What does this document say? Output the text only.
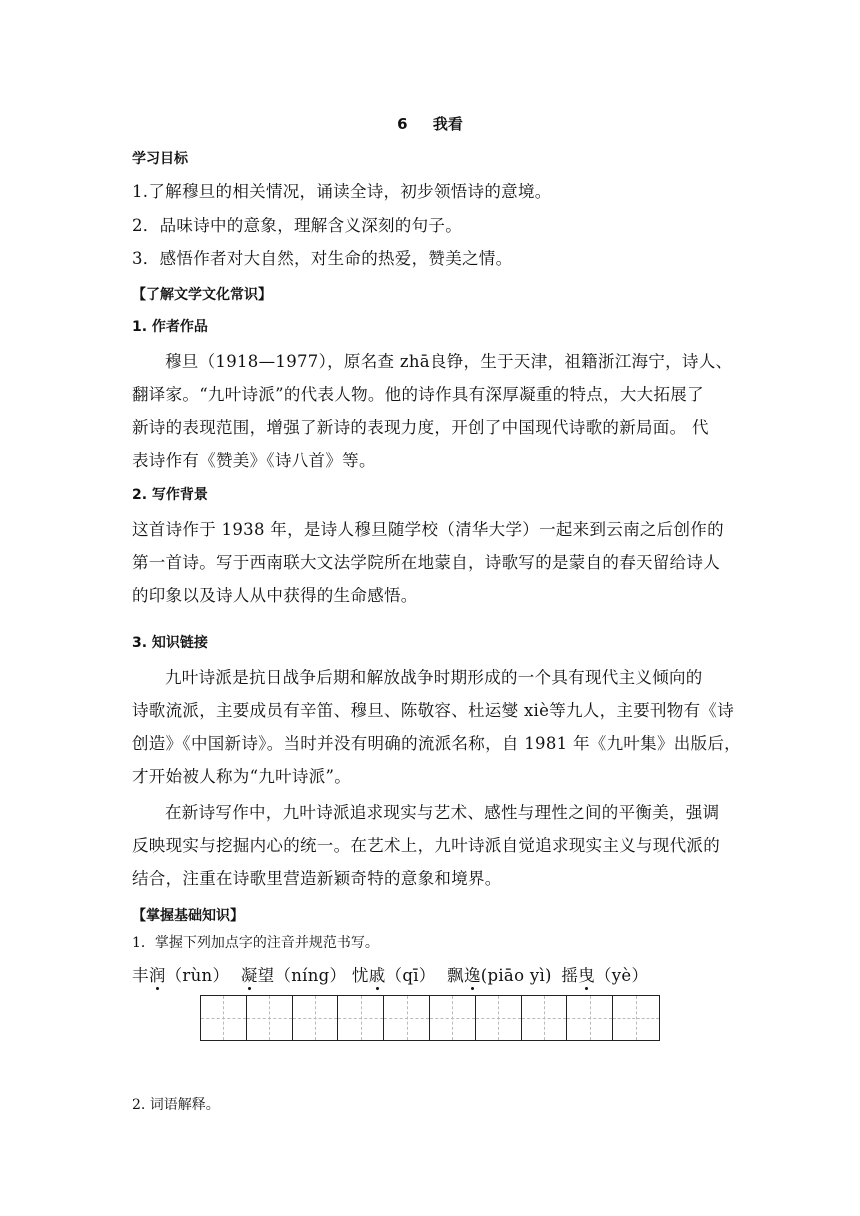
6 我看
学习目标
1.了解穆旦的相关情况，诵读全诗，初步领悟诗的意境。
2．品味诗中的意象，理解含义深刻的句子。
3．感悟作者对大自然，对生命的热爱，赞美之情。
【了解文学文化常识】
1. 作者作品
穆旦（1918—1977），原名查 zhā良铮，生于天津，祖籍浙江海宁，诗人、
翻译家。“九叶诗派”的代表人物。他的诗作具有深厚凝重的特点，大大拓展了
新诗的表现范围，增强了新诗的表现力度，开创了中国现代诗歌的新局面。 代
表诗作有《赞美》《诗八首》等。
2. 写作背景
这首诗作于 1938 年，是诗人穆旦随学校（清华大学）一起来到云南之后创作的
第一首诗。写于西南联大文法学院所在地蒙自，诗歌写的是蒙自的春天留给诗人
的印象以及诗人从中获得的生命感悟。
3. 知识链接
九叶诗派是抗日战争后期和解放战争时期形成的一个具有现代主义倾向的
诗歌流派，主要成员有辛笛、穆旦、陈敬容、杜运燮 xiè等九人，主要刊物有《诗
创造》《中国新诗》。当时并没有明确的流派名称，自 1981 年《九叶集》出版后，
才开始被人称为“九叶诗派”。
在新诗写作中，九叶诗派追求现实与艺术、感性与理性之间的平衡美，强调
反映现实与挖掘内心的统一。在艺术上，九叶诗派自觉追求现实主义与现代派的
结合，注重在诗歌里营造新颖奇特的意象和境界。
【掌握基础知识】
1．掌握下列加点字的注音并规范书写。
丰润（rùn） 凝望（níng） 忧戚（qī） 飘逸(piāo yì) 摇曳（yè）
2. 词语解释。
